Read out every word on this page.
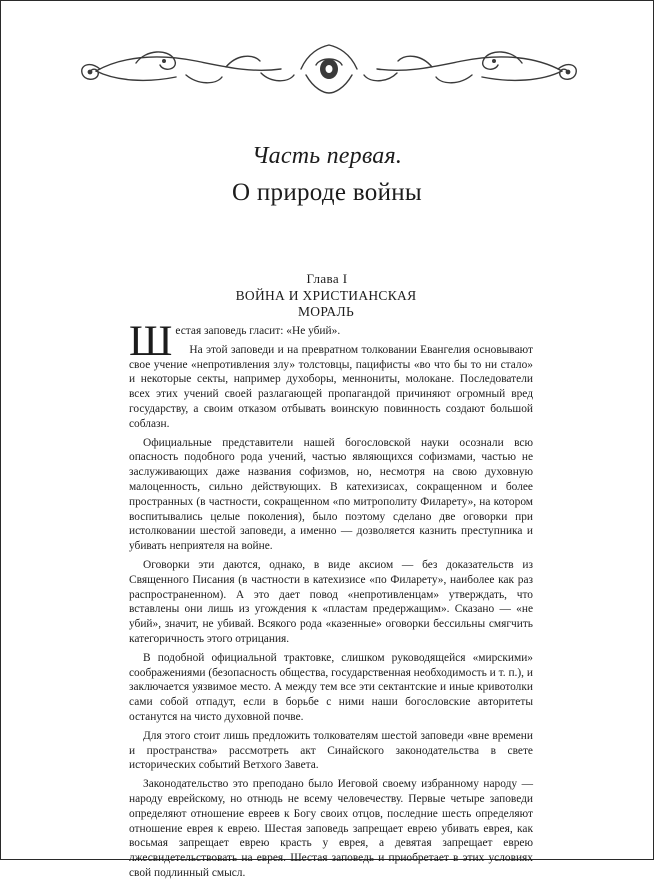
Часть первая.
О природе войны
Глава I
ВОЙНА И ХРИСТИАНСКАЯ МОРАЛЬ

Шестая заповедь гласит: «Не убий».

На этой заповеди и на превратном толковании Евангелия основывают свое учение «непротивления злу» толстовцы, пацифисты «во что бы то ни стало» и некоторые секты, например духоборы, меннониты, молокане. Последователи всех этих учений своей разлагающей пропагандой причиняют огромный вред государству, а своим отказом отбывать воинскую повинность создают большой соблазн.

Официальные представители нашей богословской науки осознали всю опасность подобного рода учений, частью являющихся софизмами, частью не заслуживающих даже названия софизмов, но, несмотря на свою духовную малоценность, сильно действующих. В катехизисах, сокращенном и более пространных (в частности, сокращенном «по митрополиту Филарету», на котором воспитывались целые поколения), было поэтому сделано две оговорки при истолковании шестой заповеди, а именно — дозволяется казнить преступника и убивать неприятеля на войне.

Оговорки эти даются, однако, в виде аксиом — без доказательств из Священного Писания (в частности в катехизисе «по Филарету», наиболее как раз распространенном). А это дает повод «непротивленцам» утверждать, что вставлены они лишь из угождения к «пластам предержащим». Сказано — «не убий», значит, не убивай. Всякого рода «казенные» оговорки бессильны смягчить категоричность этого отрицания.

В подобной официальной трактовке, слишком руководящейся «мирскими» соображениями (безопасность общества, государственная необходимость и т. п.), и заключается уязвимое место. А между тем все эти сектантские и иные кривотолки сами собой отпадут, если в борьбе с ними наши богословские авторитеты останутся на чисто духовной почве.

Для этого стоит лишь предложить толкователям шестой заповеди «вне времени и пространства» рассмотреть акт Синайского законодательства в свете исторических событий Ветхого Завета.

Законодательство это преподано было Иеговой своему избранному народу — народу еврейскому, но отнюдь не всему человечеству. Первые четыре заповеди определяют отношение евреев к Богу своих отцов, последние шесть определяют отношение еврея к еврею. Шестая заповедь запрещает еврею убивать еврея, как восьмая запрещает еврею красть у еврея, а девятая запрещает еврею лжесвидетельствовать на еврея. Шестая заповедь и приобретает в этих условиях свой подлинный смысл.
